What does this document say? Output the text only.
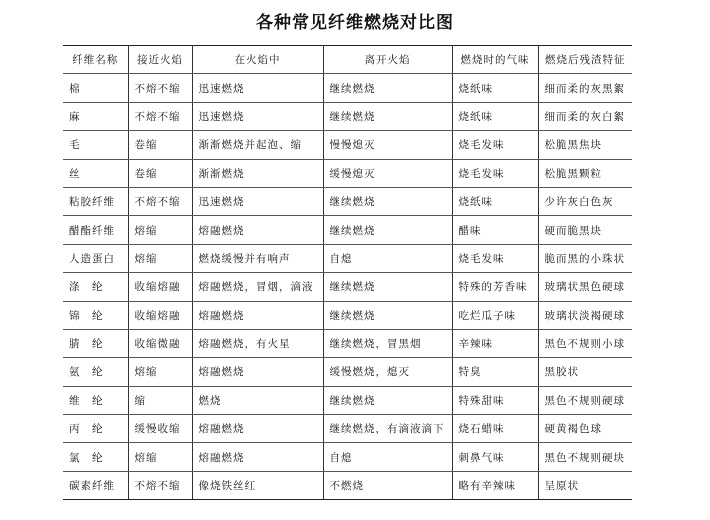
各种常见纤维燃烧对比图
纤维名称	接近火焰	在火焰中	离开火焰	燃烧时的气味	燃烧后残渣特征
棉	不熔不缩	迅速燃烧	继续燃烧	烧纸味	细而柔的灰黑絮
麻	不熔不缩	迅速燃烧	继续燃烧	烧纸味	细而柔的灰白絮
毛	卷缩	渐渐燃烧并起泡、缩	慢慢熄灭	烧毛发味	松脆黑焦块
丝	卷缩	渐渐燃烧	缓慢熄灭	烧毛发味	松脆黑颗粒
粘胶纤维	不熔不缩	迅速燃烧	继续燃烧	烧纸味	少许灰白色灰
醋酯纤维	熔缩	熔融燃烧	继续燃烧	醋味	硬而脆黑块
人造蛋白	熔缩	燃烧缓慢并有响声	自熄	烧毛发味	脆而黑的小珠状
涤　纶	收缩熔融	熔融燃烧，冒烟，滴液	继续燃烧	特殊的芳香味	玻璃状黑色硬球
锦　纶	收缩熔融	熔融燃烧	继续燃烧	吃烂瓜子味	玻璃状淡褐硬球
腈　纶	收缩微融	熔融燃烧，有火星	继续燃烧，冒黑烟	辛辣味	黑色不规则小球
氨　纶	熔缩	熔融燃烧	缓慢燃烧，熄灭	特臭	黑胶状
维　纶	缩	燃烧	继续燃烧	特殊甜味	黑色不规则硬球
丙　纶	缓慢收缩	熔融燃烧	继续燃烧，有滴液滴下	烧石蜡味	硬黄褐色球
氯　纶	熔缩	熔融燃烧	自熄	刺鼻气味	黑色不规则硬块
碳素纤维	不熔不缩	像烧铁丝红	不燃烧	略有辛辣味	呈原状
